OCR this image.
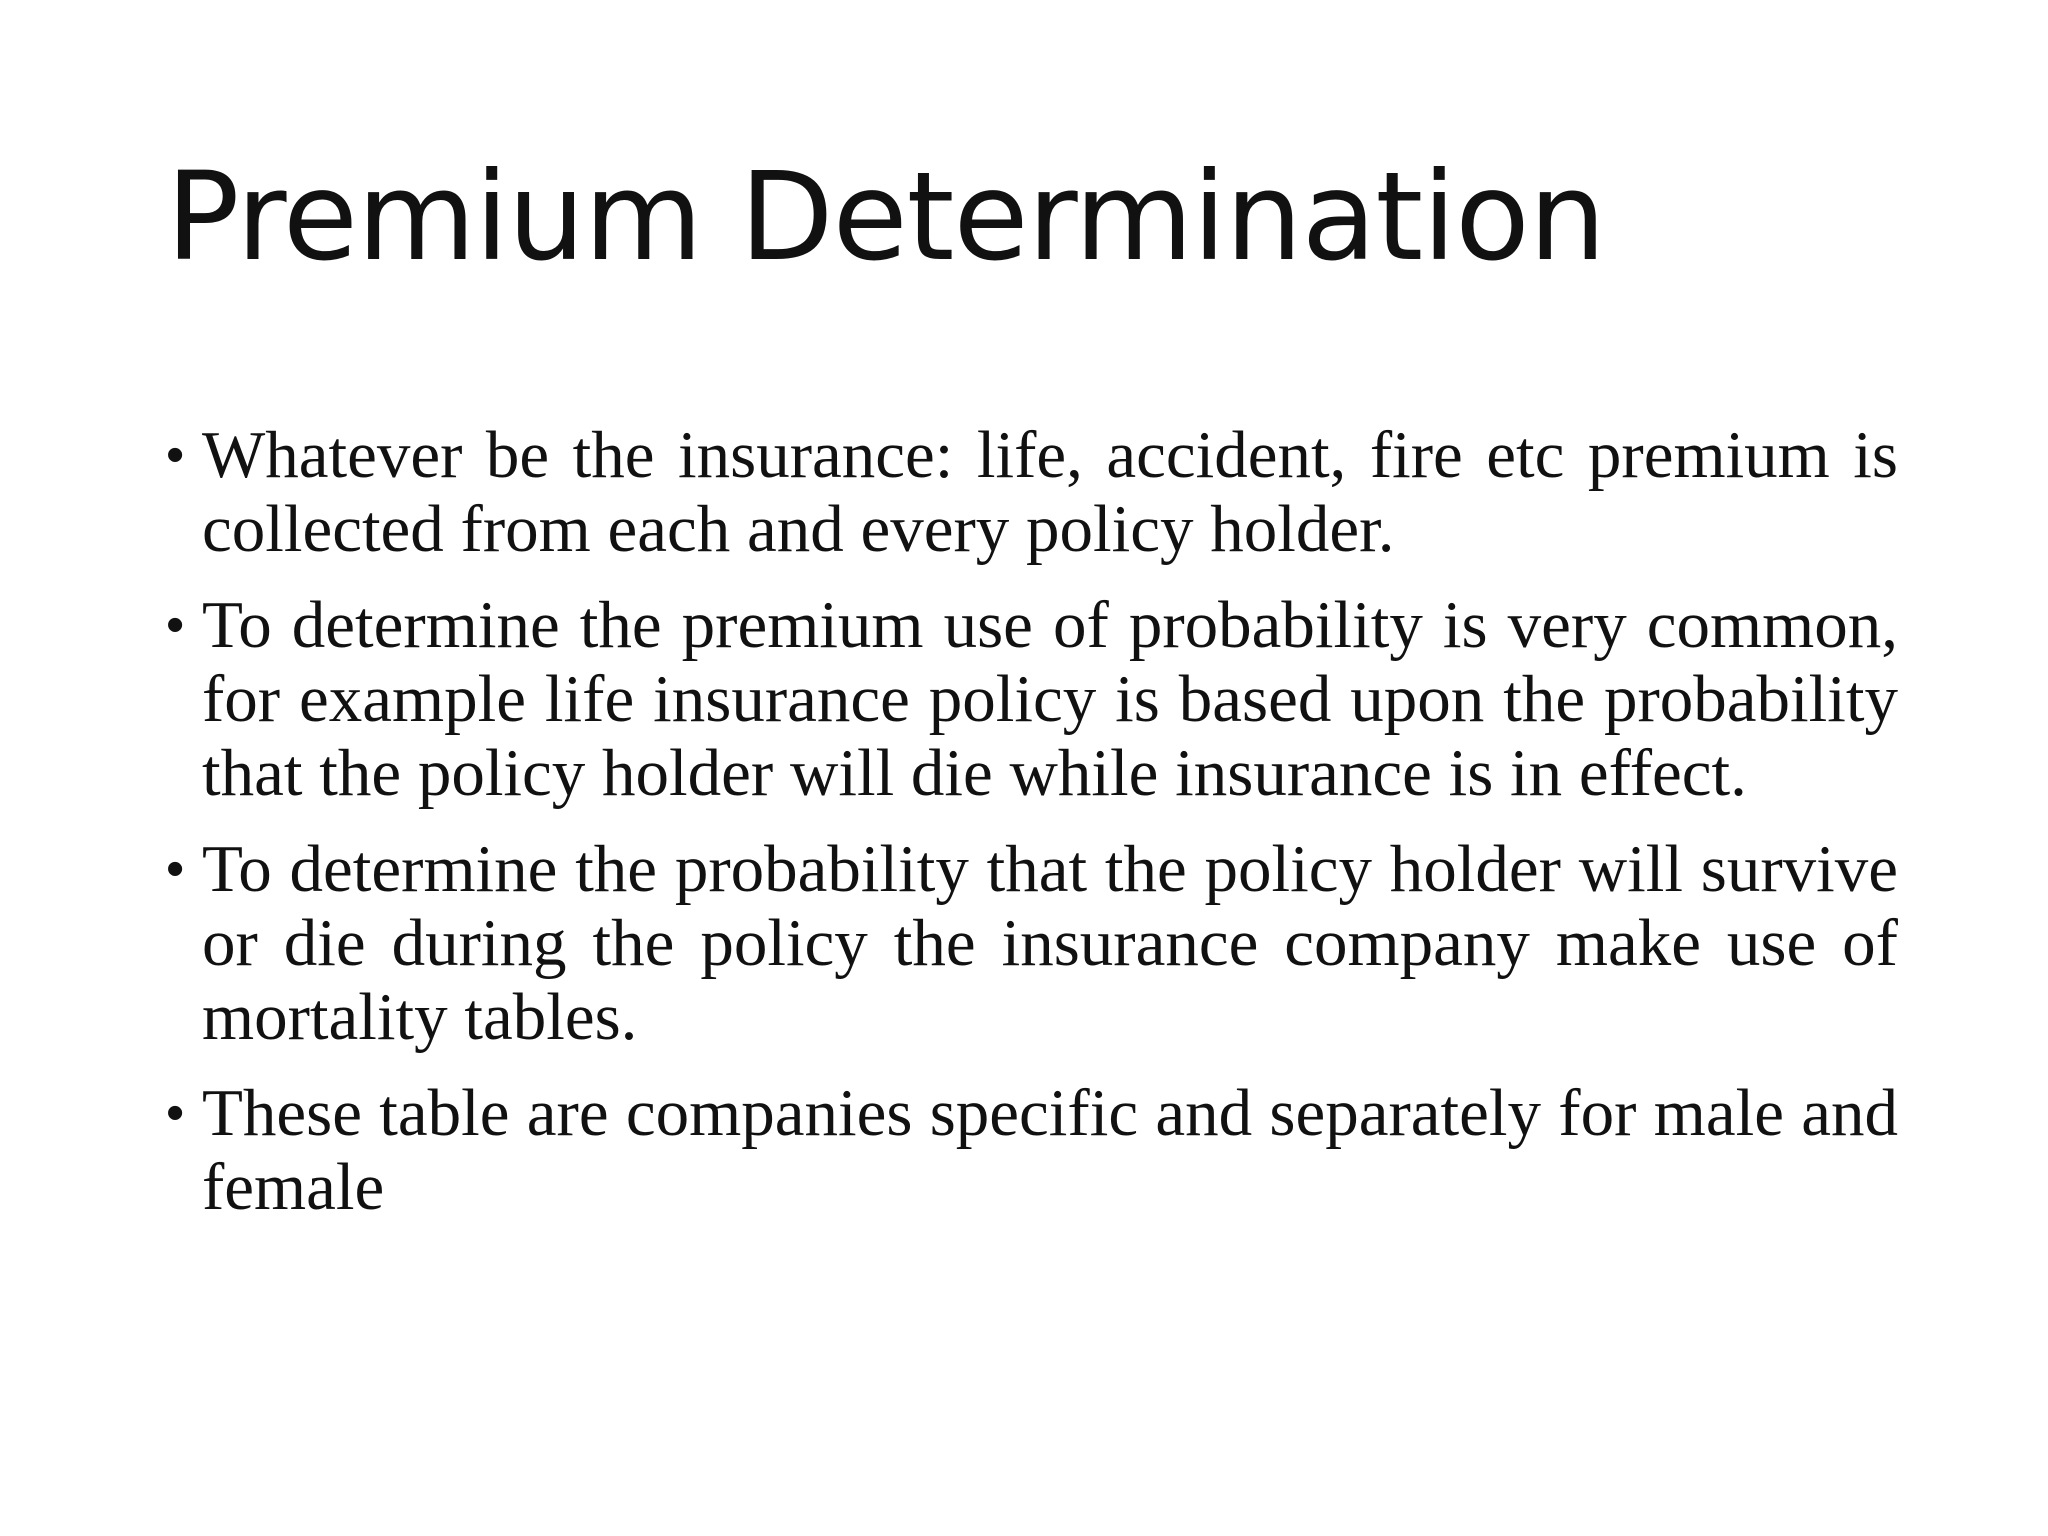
Premium Determination
• Whatever be the insurance: life, accident, fire etc premium is collected from each and every policy holder.
• To determine the premium use of probability is very common, for example life insurance policy is based upon the probability that the policy holder will die while insurance is in effect.
• To determine the probability that the policy holder will survive or die during the policy the insurance company make use of mortality tables.
• These table are companies specific and separately for male and female
